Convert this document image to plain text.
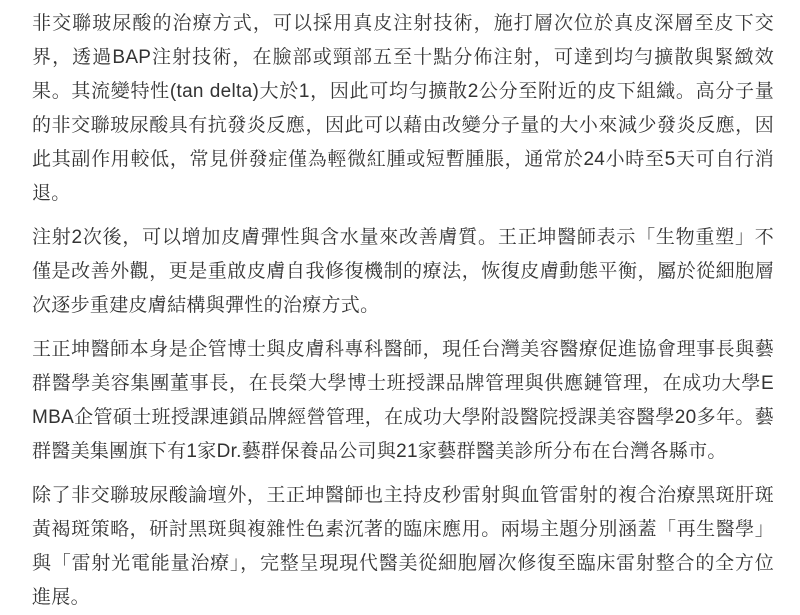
非交聯玻尿酸的治療方式，可以採用真皮注射技術，施打層次位於真皮深層至皮下交界，透過BAP注射技術，在臉部或頸部五至十點分佈注射，可達到均勻擴散與緊緻效果。其流變特性(tan delta)大於1，因此可均勻擴散2公分至附近的皮下組織。高分子量的非交聯玻尿酸具有抗發炎反應，因此可以藉由改變分子量的大小來減少發炎反應，因此其副作用較低，常見併發症僅為輕微紅腫或短暫腫脹，通常於24小時至5天可自行消退。

注射2次後，可以增加皮膚彈性與含水量來改善膚質。王正坤醫師表示「生物重塑」不僅是改善外觀，更是重啟皮膚自我修復機制的療法，恢復皮膚動態平衡，屬於從細胞層次逐步重建皮膚結構與彈性的治療方式。

王正坤醫師本身是企管博士與皮膚科專科醫師，現任台灣美容醫療促進協會理事長與藝群醫學美容集團董事長，在長榮大學博士班授課品牌管理與供應鏈管理，在成功大學EMBA企管碩士班授課連鎖品牌經營管理，在成功大學附設醫院授課美容醫學20多年。藝群醫美集團旗下有1家Dr.藝群保養品公司與21家藝群醫美診所分布在台灣各縣市。

除了非交聯玻尿酸論壇外，王正坤醫師也主持皮秒雷射與血管雷射的複合治療黑斑肝斑黃褐斑策略，研討黑斑與複雜性色素沉著的臨床應用。兩場主題分別涵蓋「再生醫學」與「雷射光電能量治療」，完整呈現現代醫美從細胞層次修復至臨床雷射整合的全方位進展。
